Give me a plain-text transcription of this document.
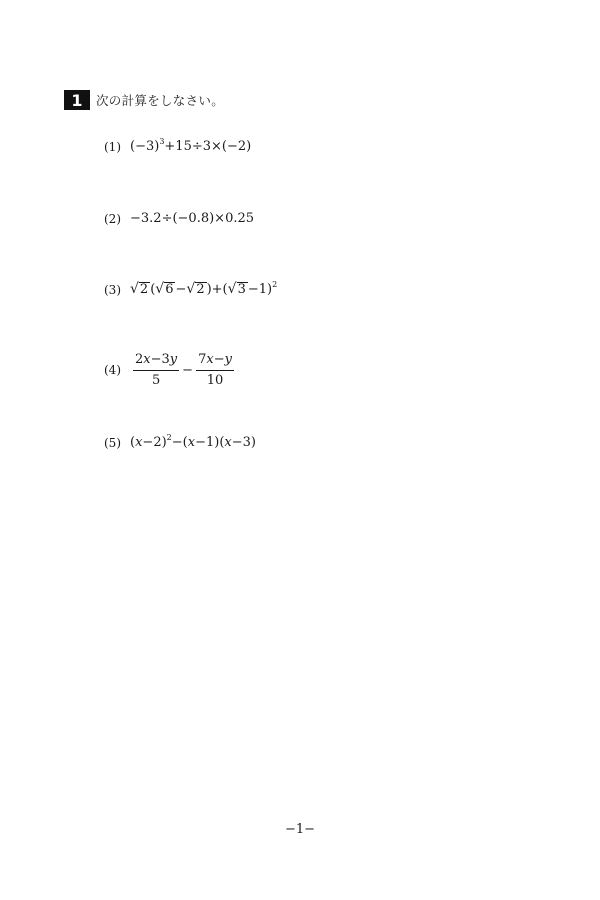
1	次の計算をしなさい。
(1) $(-3)^3+15\div 3\times(-2)$
(2) −3.2÷(−0.8)×0.25
(3) √ 2 ( √ 6 − √ 2 )+( √ 3 −1)$^2$
$(4) \frac{2x-3y}{5} - \frac{7x-y}{10}$
(5) $(x-2)^2-(x-1)(x-3)$
−1−
